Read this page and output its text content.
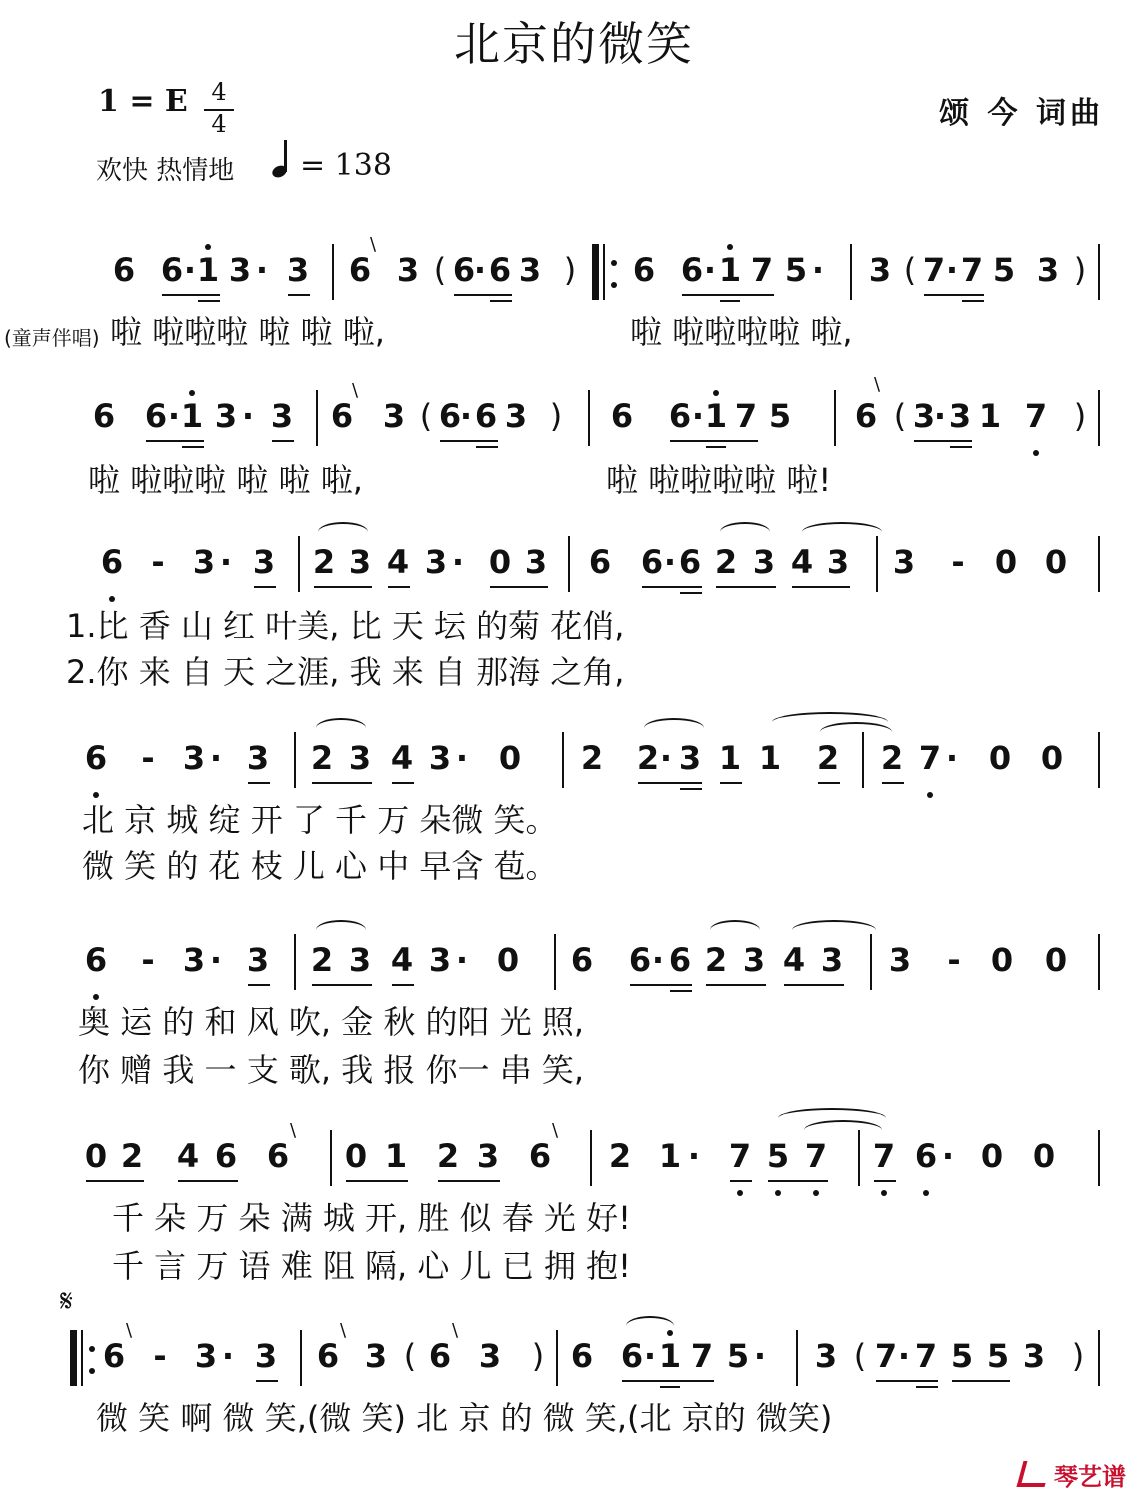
北京的微笑
1 = E 4
4	颂 今 词曲
欢快 热情地 = 138
6 6 · 1 3 · 3 6
\
3 ( 6
· 6 3 ) 6 6 · 1 7 5 · 3 ( 7 · 7 5 3 )
(童声伴唱) 啦 啦啦啦 啦 啦 啦,	啦 啦啦啦啦 啦,
6 6 · 1 3 · 3 6
\
3 ( 6
· 6 3 ) 6 6 · 1 7 5 6
\
( 3
· 3 1 7 )
啦 啦啦啦 啦 啦 啦,	啦 啦啦啦啦 啦!
6 - 3 · 3 2 3 4 3 · 0 3 6 6 · 6 2 3 4 3 3 - 0 0
1.比 香 山 红 叶美, 比 天 坛 的菊 花俏,
2.你 来 自 天 之涯, 我 来 自 那海 之角,
6 - 3 · 3 2 3 4 3 · 0 2 2 · 3 1 1 2 2 7 · 0 0
北 京 城 绽 开 了 千 万 朵微 笑。
微 笑 的 花 枝 儿 心 中 早含 苞。
6 - 3 · 3 2 3 4 3 · 0 6 6 · 6 2 3 4 3 3 - 0 0
奥 运 的 和 风 吹, 金 秋 的阳 光 照,
你 赠 我 一 支 歌, 我 报 你一 串 笑,
0 2 4 6 6
\
0 1 2 3 6
\
2 1 · 7 5 7 7 6 · 0 0
千 朵 万 朵 满 城 开, 胜 似 春 光 好!
千 言 万 语 难 阻 隔, 心 儿 已 拥 抱!
𝄋
6
\
- 3 · 3 6
\
3 ( 6
\
3 ) 6 6 · 1 7 5 · 3 ( 7 · 7 5 5 3 )
微 笑 啊 微 笑,(微 笑) 北 京 的 微 笑,(北 京的 微笑)
琴艺谱
